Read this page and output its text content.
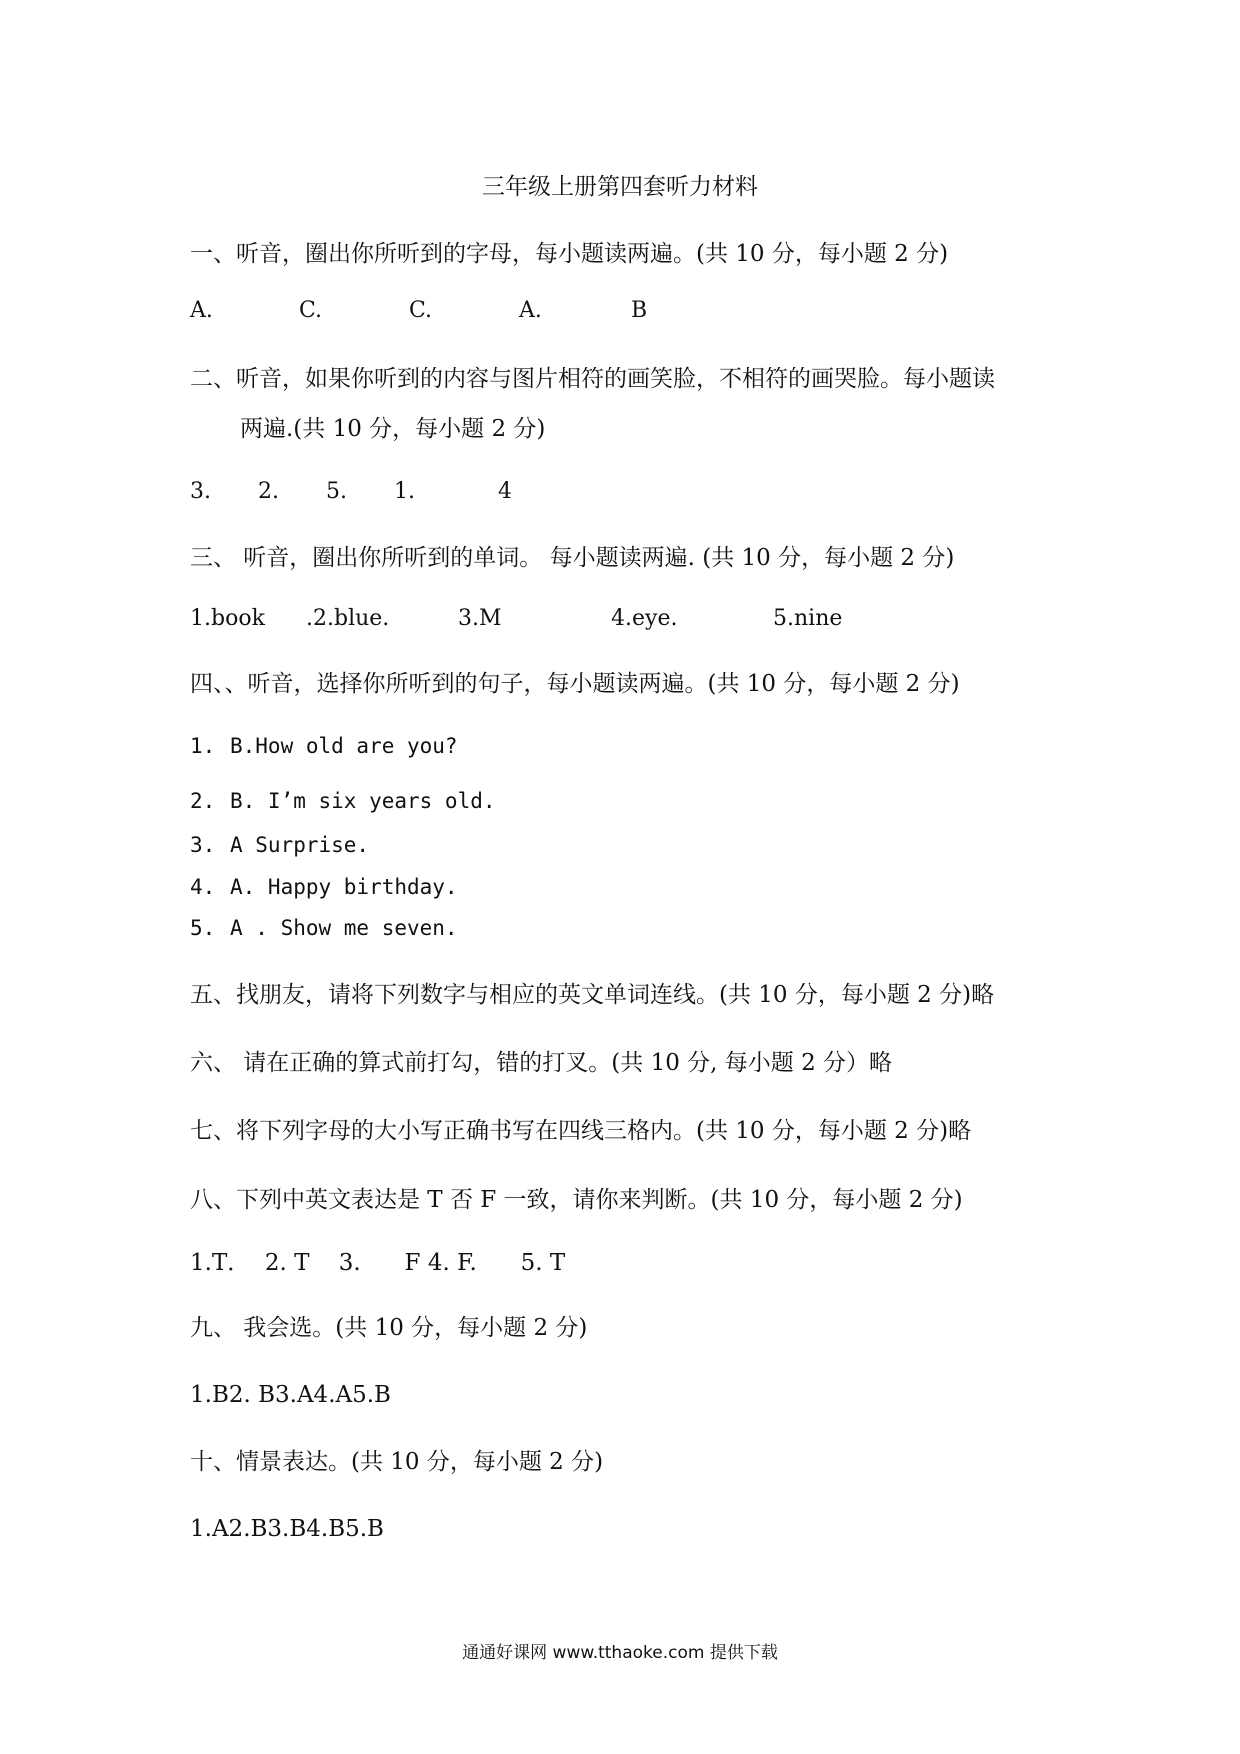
三年级上册第四套听力材料
一、听音，圈出你所听到的字母，每小题读两遍。(共 10 分，每小题 2 分)
A.	C.	C.	A.	B
二、听音，如果你听到的内容与图片相符的画笑脸，不相符的画哭脸。每小题读
两遍.(共 10 分，每小题 2 分)
3. 2. 5. 1.	4
三、 听音，圈出你所听到的单词。 每小题读两遍. (共 10 分，每小题 2 分)
1.book .2.blue.	3.M	4.eye.	5.nine
四、、听音，选择你所听到的句子，每小题读两遍。(共 10 分，每小题 2 分)
1. B.How old are you?
2. B. I’m six years old.
3. A Surprise.
4. A. Happy birthday.
5. A . Show me seven.
五、找朋友，请将下列数字与相应的英文单词连线。(共 10 分，每小题 2 分)略
六、 请在正确的算式前打勾，错的打叉。(共 10 分, 每小题 2 分）略
七、将下列字母的大小写正确书写在四线三格内。(共 10 分，每小题 2 分)略
八、下列中英文表达是 T 否 F 一致，请你来判断。(共 10 分，每小题 2 分)
1.T．  2. T    3.      F 4. F.      5. T
九、 我会选。(共 10 分，每小题 2 分)
1.B2. B3.A4.A5.B
十、情景表达。(共 10 分，每小题 2 分)
1.A2.B3.B4.B5.B
通通好课网 www.tthaoke.com 提供下载
